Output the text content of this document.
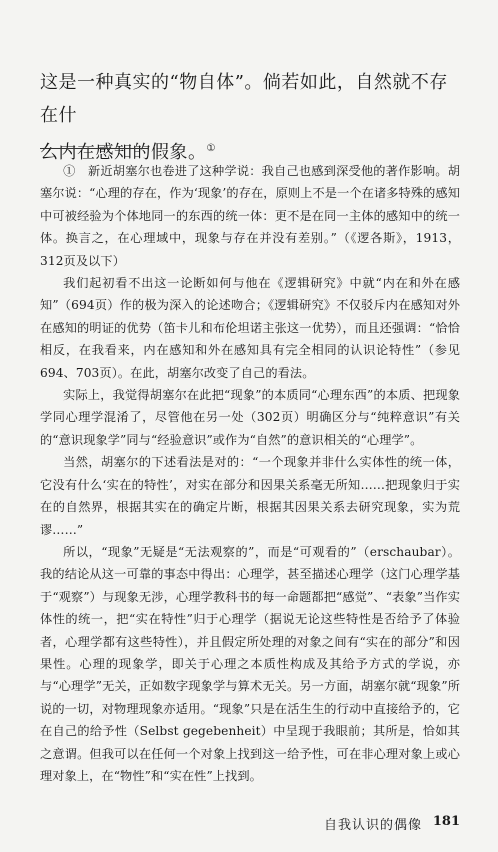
这是一种真实的“物自体”。倘若如此，自然就不存在什
么内在感知的假象。①

①　新近胡塞尔也卷进了这种学说：我自己也感到深受他的著作影响。胡塞尔说：“心理的存在，作为‘现象’的存在，原则上不是一个在诸多特殊的感知中可被经验为个体地同一的东西的统一体：更不是在同一主体的感知中的统一体。换言之，在心理域中，现象与存在并没有差别。”（《逻各斯》，1913，312页及以下）

我们起初看不出这一论断如何与他在《逻辑研究》中就“内在和外在感知”（694页）作的极为深入的论述吻合；《逻辑研究》不仅驳斥内在感知对外在感知的明证的优势（笛卡儿和布伦坦诺主张这一优势），而且还强调：“恰恰相反，在我看来，内在感知和外在感知具有完全相同的认识论特性”（参见694、703页）。在此，胡塞尔改变了自己的看法。

实际上，我觉得胡塞尔在此把“现象”的本质同“心理东西”的本质、把现象学同心理学混淆了，尽管他在另一处（302页）明确区分与“纯粹意识”有关的“意识现象学”同与“经验意识”或作为“自然”的意识相关的“心理学”。

当然，胡塞尔的下述看法是对的：“一个现象并非什么实体性的统一体，它没有什么‘实在的特性’，对实在部分和因果关系毫无所知……把现象归于实在的自然界，根据其实在的确定片断，根据其因果关系去研究现象，实为荒谬……”

所以，“现象”无疑是“无法观察的”，而是“可观看的”（erschaubar）。我的结论从这一可靠的事态中得出：心理学，甚至描述心理学（这门心理学基于“观察”）与现象无涉，心理学教科书的每一命题都把“感觉”、“表象”当作实体性的统一，把“实在特性”归于心理学（据说无论这些特性是否给予了体验者，心理学都有这些特性），并且假定所处理的对象之间有“实在的部分”和因果性。心理的现象学，即关于心理之本质性构成及其给予方式的学说，亦与“心理学”无关，正如数字现象学与算术无关。另一方面，胡塞尔就“现象”所说的一切，对物理现象亦适用。“现象”只是在活生生的行动中直接给予的，它在自己的给予性（Selbst gegebenheit）中呈现于我眼前；其所是，恰如其之意谓。但我可以在任何一个对象上找到这一给予性，可在非心理对象上或心理对象上，在“物性”和“实在性”上找到。

自我认识的偶像 181
